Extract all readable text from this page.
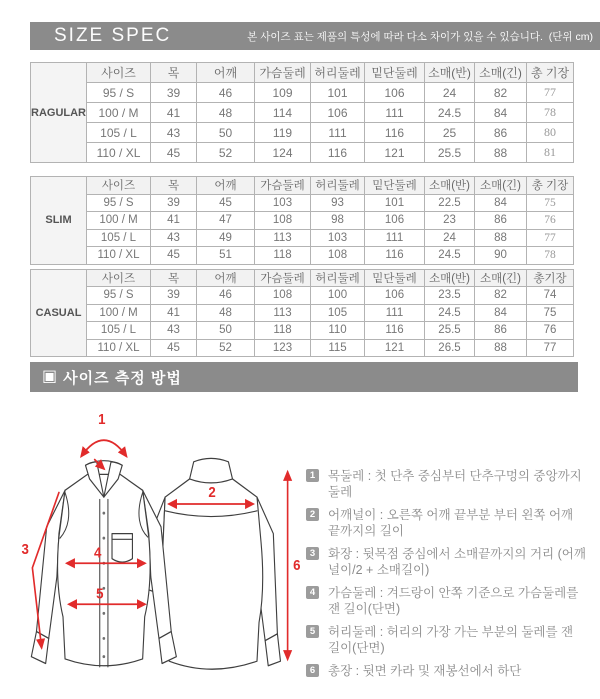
SIZE SPEC	본 사이즈 표는 제품의 특성에 따라 다소 차이가 있을 수 있습니다.  (단위 cm)
RAGULAR	사이즈	목	어깨	가슴둘레	허리둘레	밑단둘레	소매(반)	소매(긴)	총 기장
	95 / S	39	46	109	101	106	24	82	77
	100 / M	41	48	114	106	111	24.5	84	78
	105 / L	43	50	119	111	116	25	86	80
	110 / XL	45	52	124	116	121	25.5	88	81
SLIM	사이즈	목	어깨	가슴둘레	허리둘레	밑단둘레	소매(반)	소매(긴)	총 기장
	95 / S	39	45	103	93	101	22.5	84	75
	100 / M	41	47	108	98	106	23	86	76
	105 / L	43	49	113	103	111	24	88	77
	110 / XL	45	51	118	108	116	24.5	90	78
CASUAL	사이즈	목	어깨	가슴둘레	허리둘레	밑단둘레	소매(반)	소매(긴)	총기장
	95 / S	39	46	108	100	106	23.5	82	74
	100 / M	41	48	113	105	111	24.5	84	75
	105 / L	43	50	118	110	116	25.5	86	76
	110 / XL	45	52	123	115	121	26.5	88	77
▣ 사이즈 측정 방법
1
2
3	4
5
6
1	목둘레 : 첫 단추 중심부터 단추구멍의 중앙까지 둘레
2	어깨널이 : 오른쪽 어깨 끝부분 부터 왼쪽 어깨 끝까지의 길이
3	화장 : 뒷목점 중심에서 소매끝까지의 거리 (어깨널이/2 + 소매길이)
4	가슴둘레 : 겨드랑이 안쪽 기준으로 가슴둘레를 잰 길이(단면)
5	허리둘레 : 허리의 가장 가는 부분의 둘레를 잰 길이(단면)
6	총장 : 뒷면 카라 및 재봉선에서 하단
